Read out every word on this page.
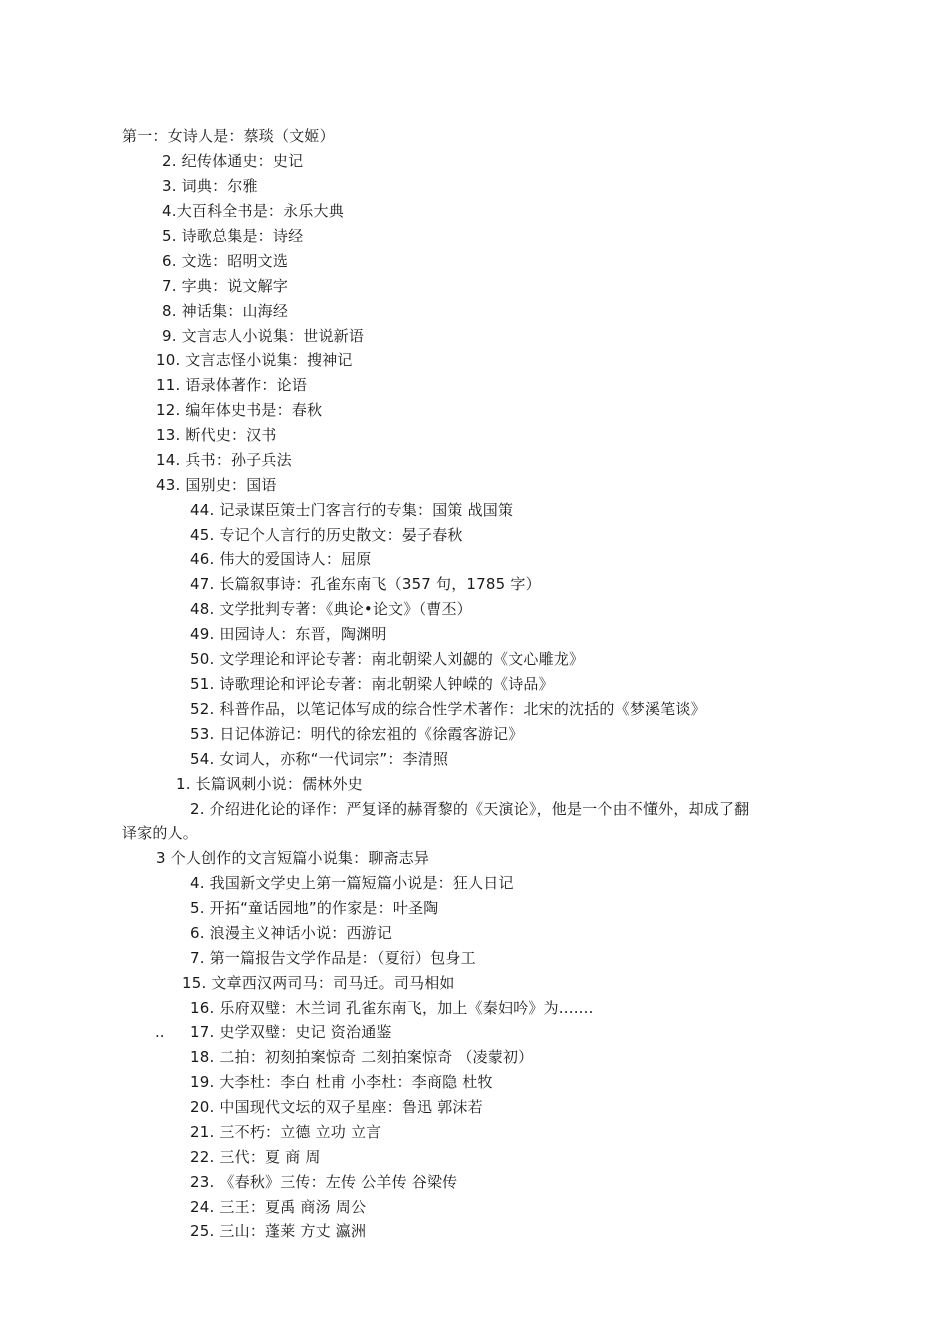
第一：女诗人是：蔡琰（文姬）
2. 纪传体通史：史记
3. 词典：尔雅
4.大百科全书是：永乐大典
5. 诗歌总集是：诗经
6. 文选：昭明文选
7. 字典：说文解字
8. 神话集：山海经
9. 文言志人小说集：世说新语
10. 文言志怪小说集：搜神记
11. 语录体著作：论语
12. 编年体史书是：春秋
13. 断代史：汉书
14. 兵书：孙子兵法
43. 国别史：国语
44. 记录谋臣策士门客言行的专集：国策 战国策
45. 专记个人言行的历史散文：晏子春秋
46. 伟大的爱国诗人：屈原
47. 长篇叙事诗：孔雀东南飞（357 句，1785 字）
48. 文学批判专著：《典论•论文》（曹丕）
49. 田园诗人：东晋，陶渊明
50. 文学理论和评论专著：南北朝梁人刘勰的《文心雕龙》
51. 诗歌理论和评论专著：南北朝梁人钟嵘的《诗品》
52. 科普作品，以笔记体写成的综合性学术著作：北宋的沈括的《梦溪笔谈》
53. 日记体游记：明代的徐宏祖的《徐霞客游记》
54. 女词人，亦称“一代词宗”：李清照
1. 长篇讽刺小说：儒林外史
2. 介绍进化论的译作：严复译的赫胥黎的《天演论》，他是一个由不懂外，却成了翻
译家的人。
3 个人创作的文言短篇小说集：聊斋志异
4. 我国新文学史上第一篇短篇小说是：狂人日记
5. 开拓“童话园地”的作家是：叶圣陶
6. 浪漫主义神话小说：西游记
7. 第一篇报告文学作品是：（夏衍）包身工
15. 文章西汉两司马：司马迁。司马相如
16. 乐府双璧：木兰词 孔雀东南飞，加上《秦妇吟》为.......
.. 17. 史学双璧：史记 资治通鉴
18. 二拍：初刻拍案惊奇 二刻拍案惊奇 （凌蒙初）
19. 大李杜：李白 杜甫 小李杜：李商隐 杜牧
20. 中国现代文坛的双子星座：鲁迅 郭沫若
21. 三不朽：立德 立功 立言
22. 三代：夏 商 周
23. 《春秋》三传：左传 公羊传 谷梁传
24. 三王：夏禹 商汤 周公
25. 三山：蓬莱 方丈 瀛洲
